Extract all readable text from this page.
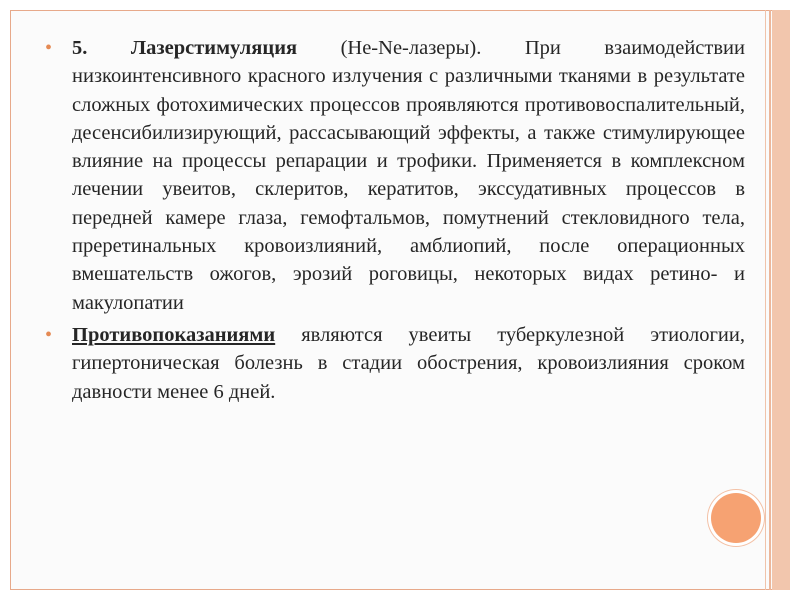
• 5. Лазерстимуляция (He-Ne-лазеры). При взаимодействии низкоинтенсивного красного излучения с различными тканями в результате сложных фотохимических процессов проявляются противовоспалительный, десенсибилизирующий, рассасывающий эффекты, а также стимулирующее влияние на процессы репарации и трофики. Применяется в комплексном лечении увеитов, склеритов, кератитов, экссудативных процессов в передней камере глаза, гемофтальмов, помутнений стекловидного тела, преретинальных кровоизлияний, амблиопий, после операционных вмешательств ожогов, эрозий роговицы, некоторых видах ретино- и макулопатии

• Противопоказаниями являются увеиты туберкулезной этиологии, гипертоническая болезнь в стадии обострения, кровоизлияния сроком давности менее 6 дней.
